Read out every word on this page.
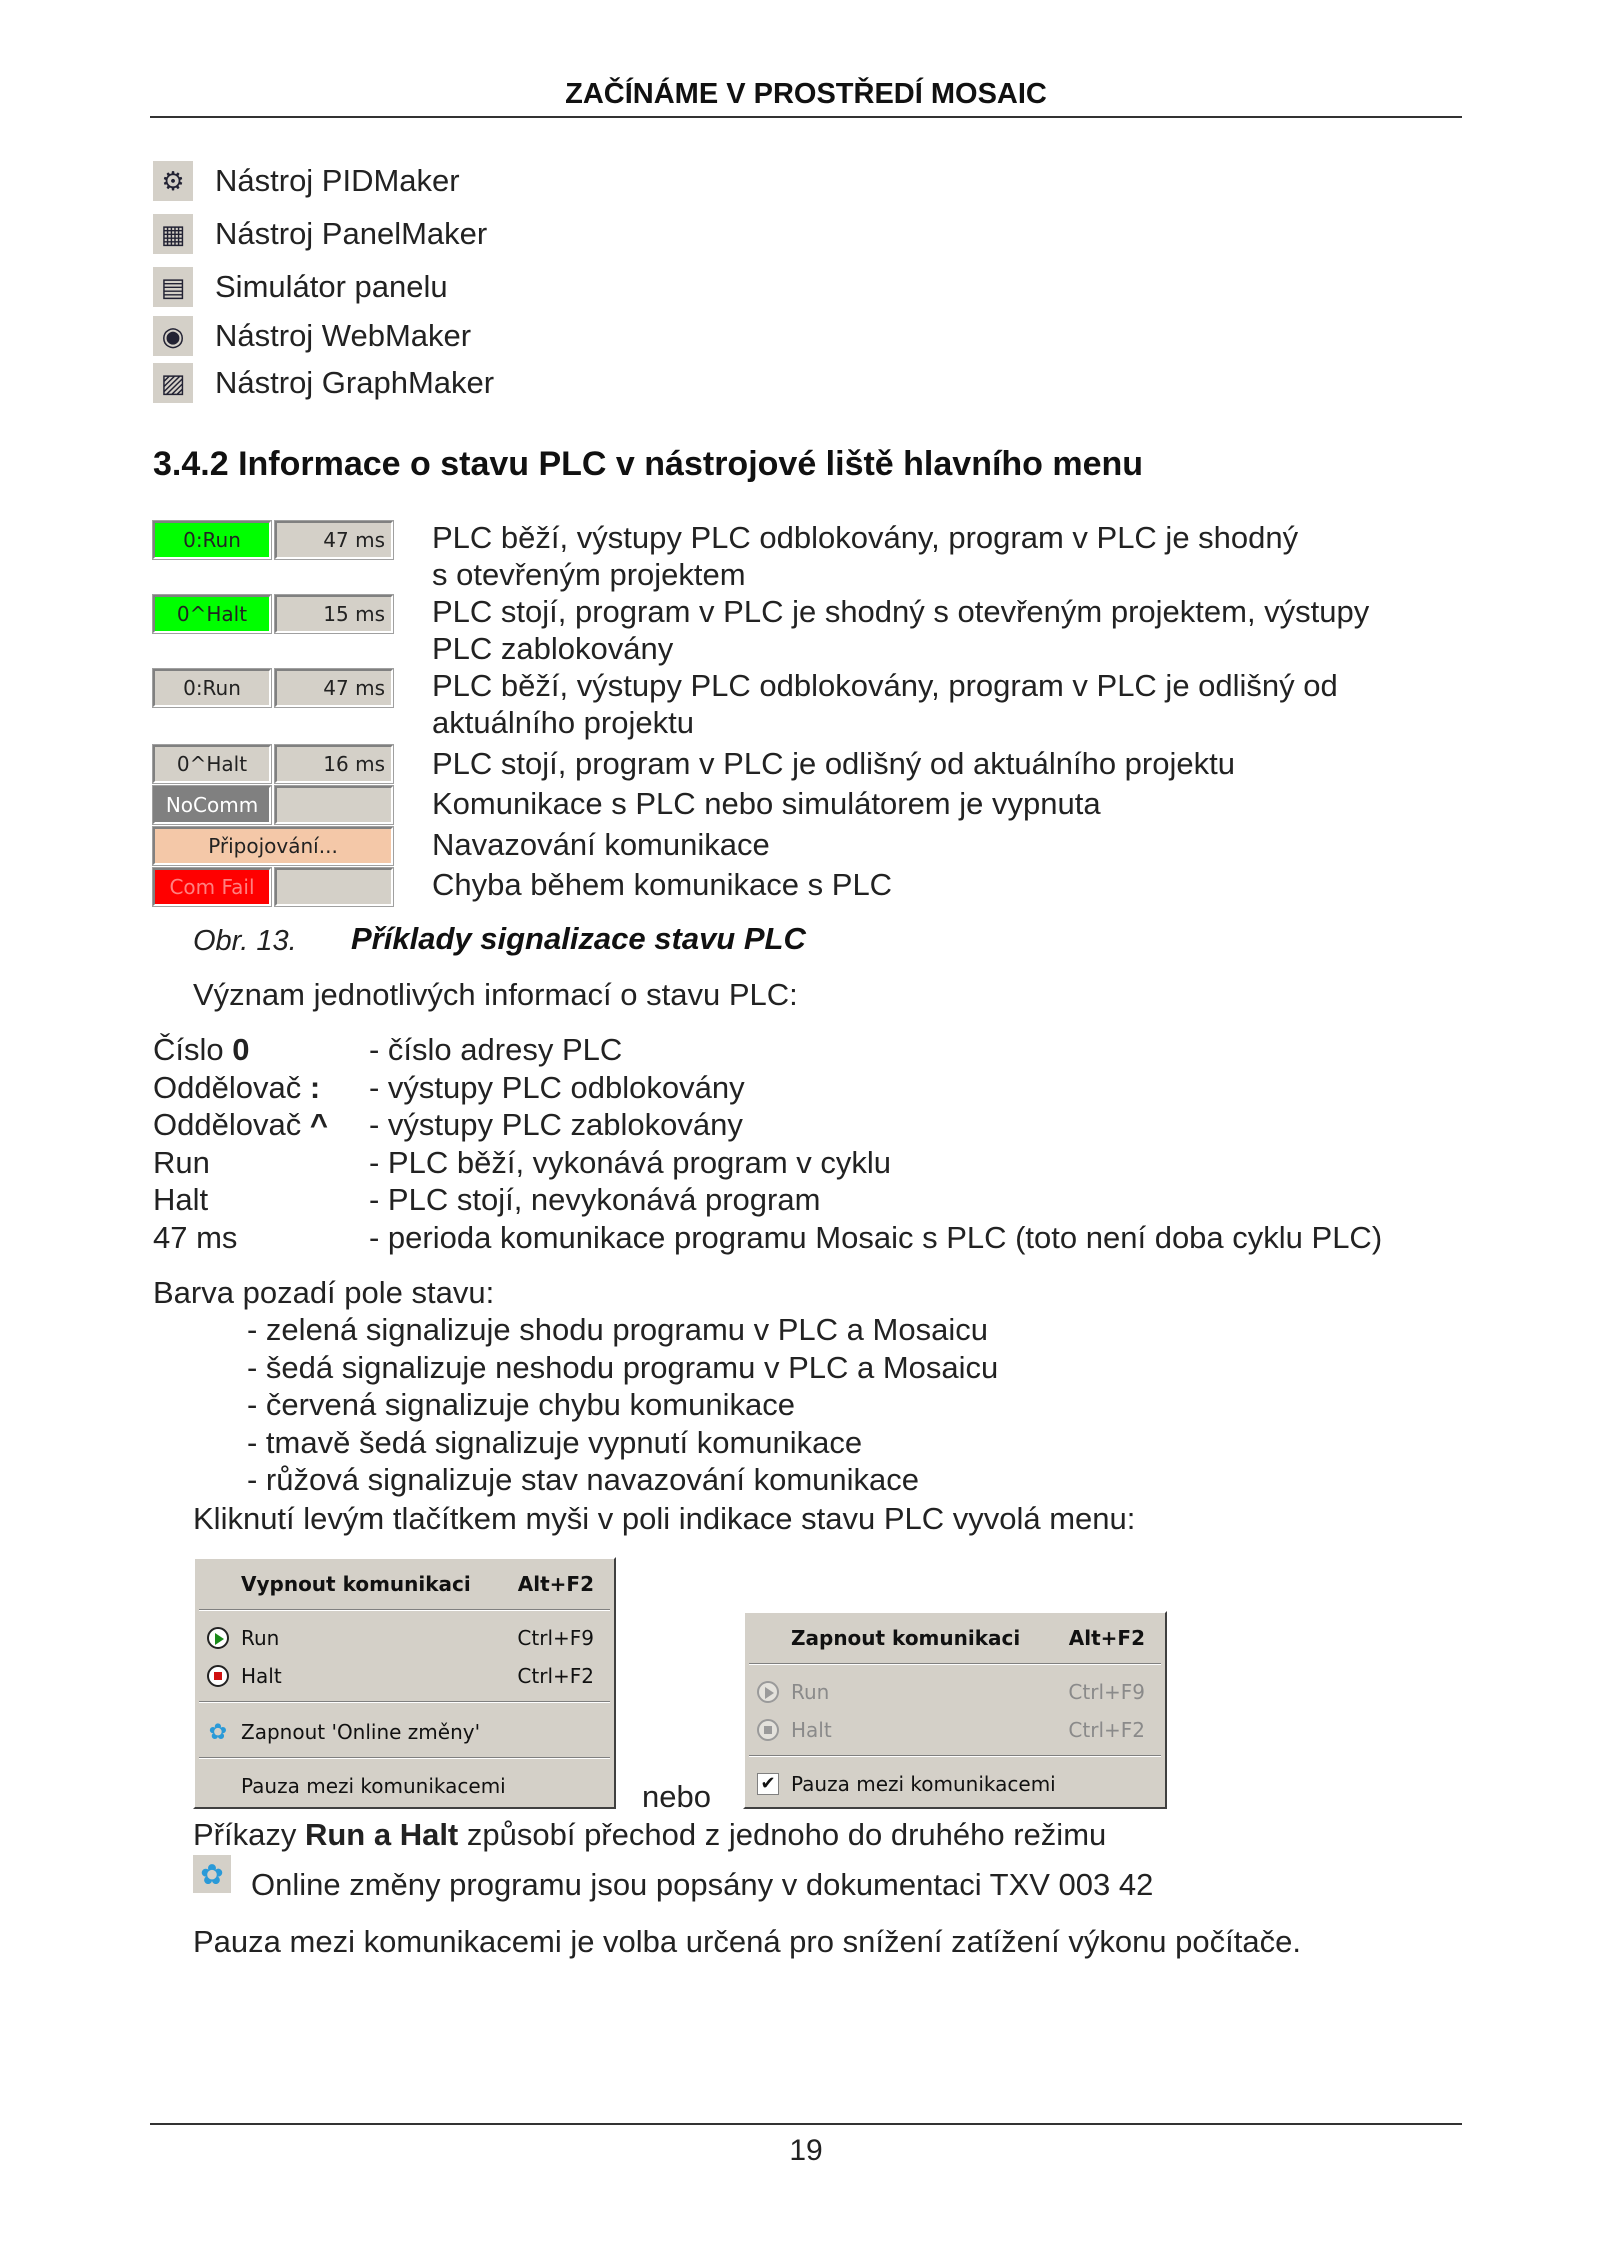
ZAČÍNÁME V PROSTŘEDÍ MOSAIC
⚙ Nástroj PIDMaker
▦ Nástroj PanelMaker
▤ Simulátor panelu
◉ Nástroj WebMaker
▨ Nástroj GraphMaker
3.4.2 Informace o stavu PLC v nástrojové liště hlavního menu
0:Run	47 ms PLC běží, výstupy PLC odblokovány, program v PLC je shodný
s otevřeným projektem
0^Halt	15 ms PLC stojí, program v PLC je shodný s otevřeným projektem, výstupy
PLC zablokovány
0:Run	47 ms PLC běží, výstupy PLC odblokovány, program v PLC je odlišný od
aktuálního projektu
0^Halt	16 ms PLC stojí, program v PLC je odlišný od aktuálního projektu
NoComm	Komunikace s PLC nebo simulátorem je vypnuta
Připojování...	Navazování komunikace
Com Fail	Chyba během komunikace s PLC
Obr. 13. Příklady signalizace stavu PLC
Význam jednotlivých informací o stavu PLC:
Číslo 0	- číslo adresy PLC
Oddělovač : - výstupy PLC odblokovány
Oddělovač ^ - výstupy PLC zablokovány
Run	- PLC běží, vykonává program v cyklu
Halt	- PLC stojí, nevykonává program
47 ms	- perioda komunikace programu Mosaic s PLC (toto není doba cyklu PLC)
Barva pozadí pole stavu:
- zelená signalizuje shodu programu v PLC a Mosaicu
- šedá signalizuje neshodu programu v PLC a Mosaicu
- červená signalizuje chybu komunikace
- tmavě šedá signalizuje vypnutí komunikace
- růžová signalizuje stav navazování komunikace
Kliknutí levým tlačítkem myši v poli indikace stavu PLC vyvolá menu:
Vypnout komunikaci	Alt+F2
Run	Ctrl+F9
Halt	Ctrl+F2
✿ Zapnout 'Online změny'
Pauza mezi komunikacemi	nebo
Zapnout komunikaci	Alt+F2
Run	Ctrl+F9
Halt	Ctrl+F2
✔ Pauza mezi komunikacemi
Příkazy Run a Halt způsobí přechod z jednoho do druhého režimu
✿ Online změny programu jsou popsány v dokumentaci TXV 003 42
Pauza mezi komunikacemi je volba určená pro snížení zatížení výkonu počítače.
19
